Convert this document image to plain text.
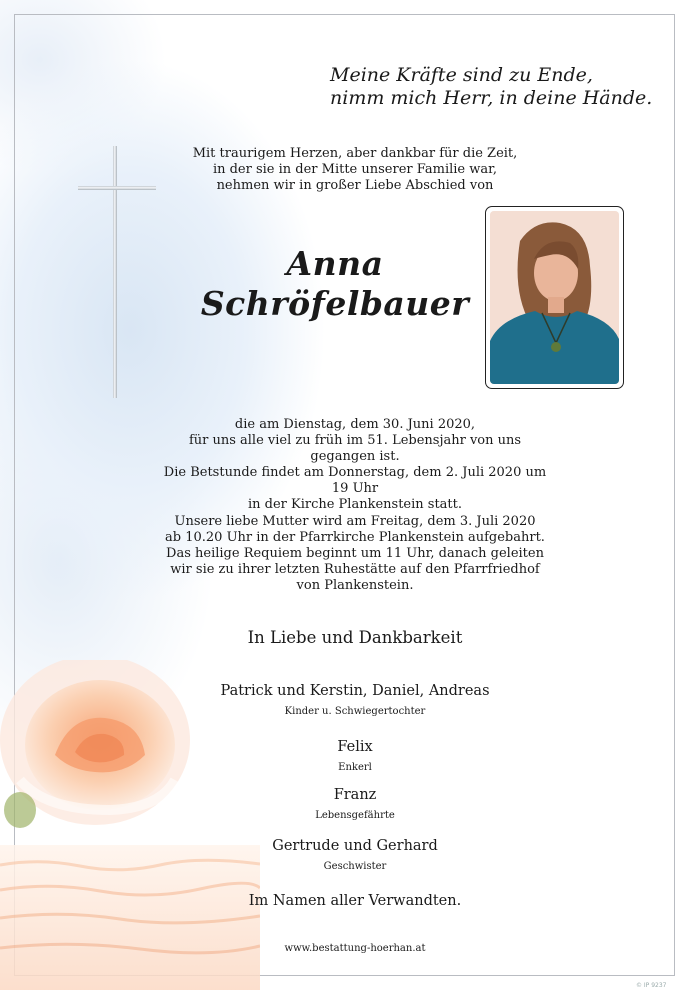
Meine Kräfte sind zu Ende,
nimm mich Herr, in deine Hände.
Mit traurigem Herzen, aber dankbar für die Zeit,
in der sie in der Mitte unserer Familie war,
nehmen wir in großer Liebe Abschied von
Anna
Schröfelbauer
die am Dienstag, dem 30. Juni 2020,
für uns alle viel zu früh im 51. Lebensjahr von uns gegangen ist.
Die Betstunde findet am Donnerstag, dem 2. Juli 2020 um 19 Uhr
in der Kirche Plankenstein statt.
Unsere liebe Mutter wird am Freitag, dem 3. Juli 2020
ab 10.20 Uhr in der Pfarrkirche Plankenstein aufgebahrt.
Das heilige Requiem beginnt um 11 Uhr, danach geleiten
wir sie zu ihrer letzten Ruhestätte auf den Pfarrfriedhof
von Plankenstein.
In Liebe und Dankbarkeit
Patrick und Kerstin, Daniel, Andreas
Kinder u. Schwiegertochter
Felix
Enkerl
Franz
Lebensgefährte
Gertrude und Gerhard
Geschwister
Im Namen aller Verwandten.
www.bestattung-hoerhan.at
© IP 9237
